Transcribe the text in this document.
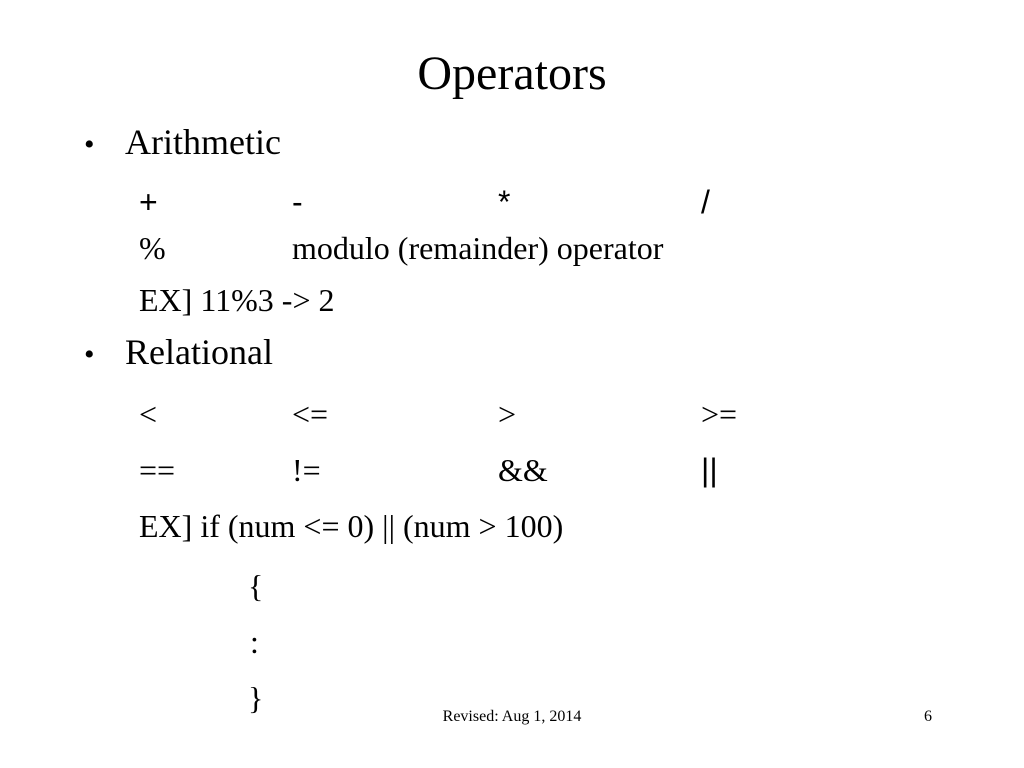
Operators
• Arithmetic
+	-	*	/
%	modulo (remainder) operator
EX] 11%3 -> 2
• Relational
<	<=	>	>=
==	!=	&&	||
EX] if (num <= 0) || (num > 100)
{
:
}
Revised: Aug 1, 2014	6
